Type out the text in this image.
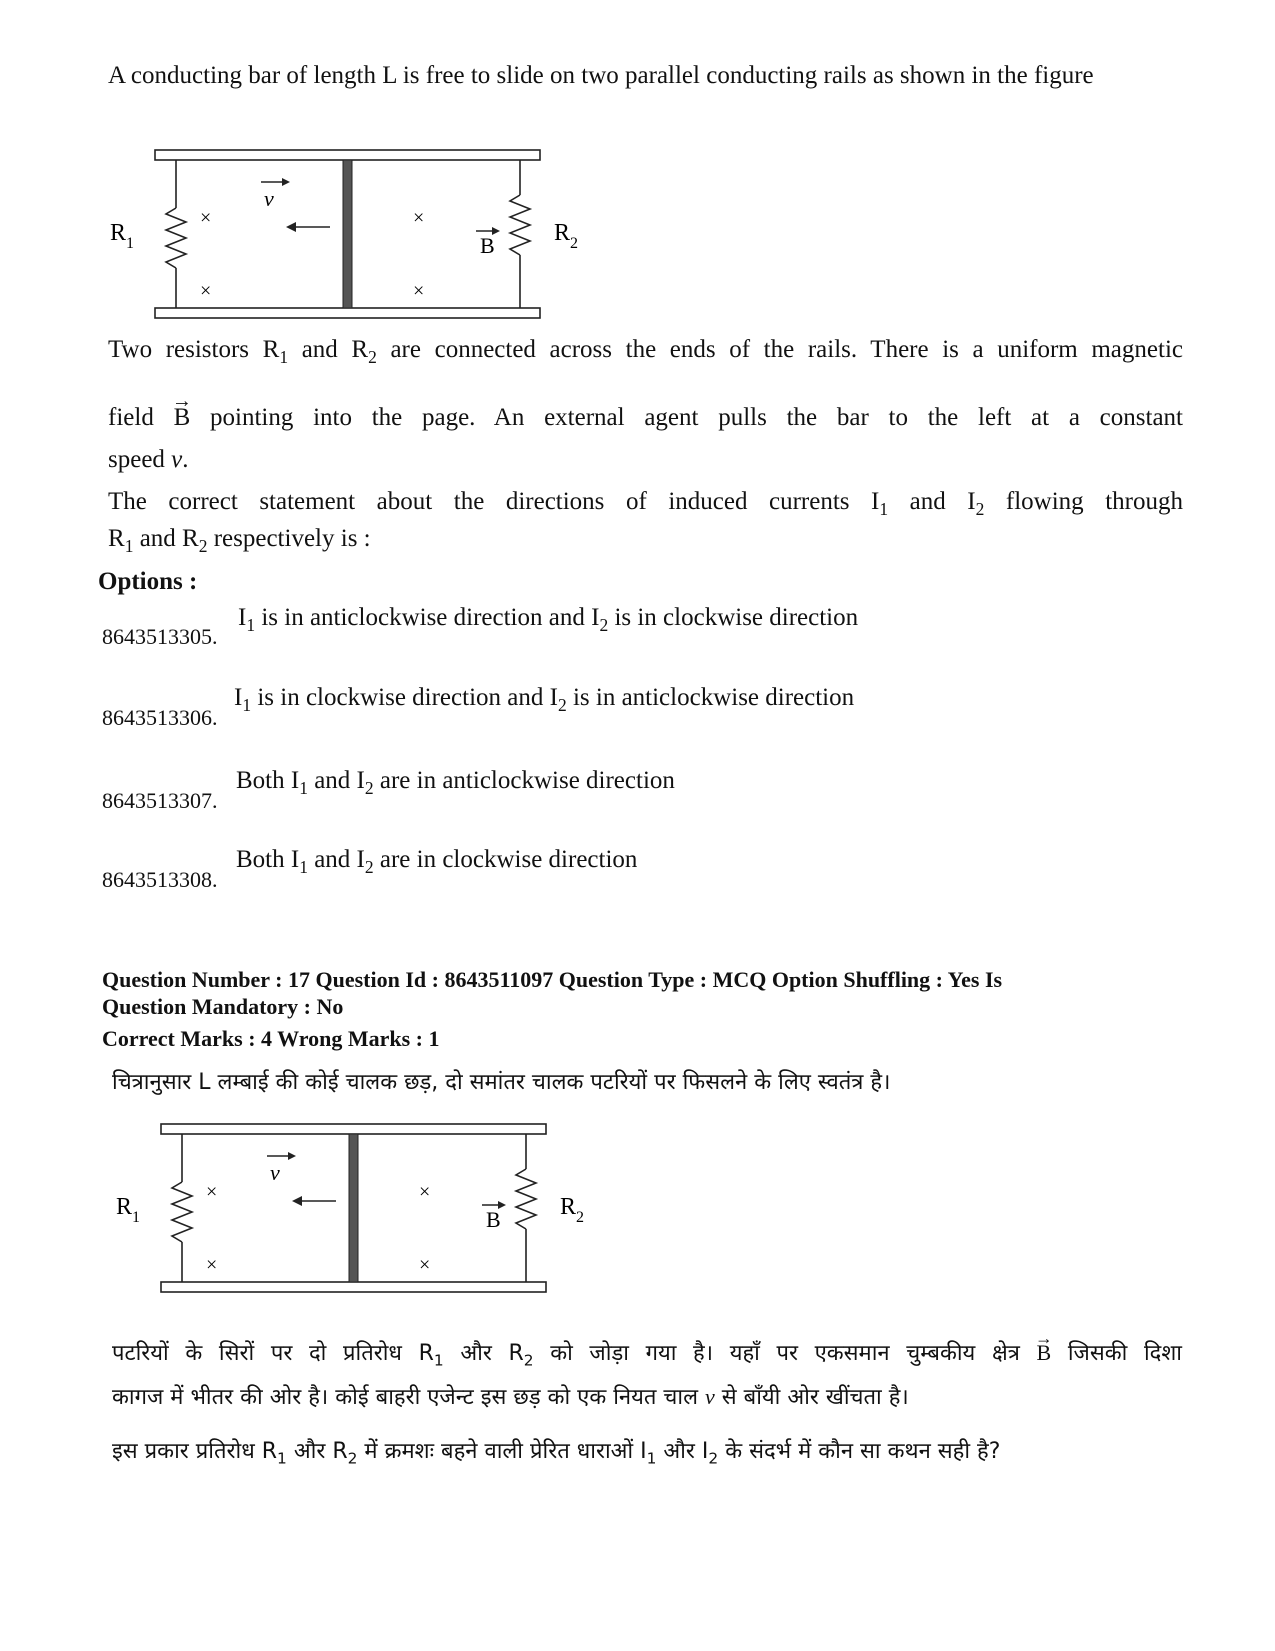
A conducting bar of length L is free to slide on two parallel conducting rails as shown in the figure
v
×
×
×
×
B
R 1	R 2
Two resistors $R_1$ and $R_2$ are connected across the ends of the rails. There is a uniform magnetic
field → B pointing into the page. An external agent pulls the bar to the left at a constant
speed v.
The correct statement about the directions of induced currents $I_1$ and $I_2$ flowing through
$R_1$ and $R_2$ respectively is :
Options :
8643513305.
$I_1$ is in anticlockwise direction and $I_2$ is in clockwise direction
8643513306.
$I_1$ is in clockwise direction and $I_2$ is in anticlockwise direction
8643513307.
Both $I_1$ and $I_2$ are in anticlockwise direction
8643513308.
Both $I_1$ and $I_2$ are in clockwise direction
Question Number : 17 Question Id : 8643511097 Question Type : MCQ Option Shuffling : Yes Is
Question Mandatory : No
Correct Marks : 4 Wrong Marks : 1
चित्रानुसार L लम्बाई की कोई चालक छड़, दो समांतर चालक पटरियों पर फिसलने के लिए स्वतंत्र है।
v
×
×
×
×
B
R 1	R 2
पटरियों के सिरों पर दो प्रतिरोध $R_1$ और $R_2$ को जोड़ा गया है। यहाँ पर एकसमान चुम्बकीय क्षेत्र → B जिसकी दिशा
कागज में भीतर की ओर है। कोई बाहरी एजेन्ट इस छड़ को एक नियत चाल v से बाँयी ओर खींचता है।
इस प्रकार प्रतिरोध $R_1$ और $R_2$ में क्रमशः बहने वाली प्रेरित धाराओं $I_1$ और $I_2$ के संदर्भ में कौन सा कथन सही है?
